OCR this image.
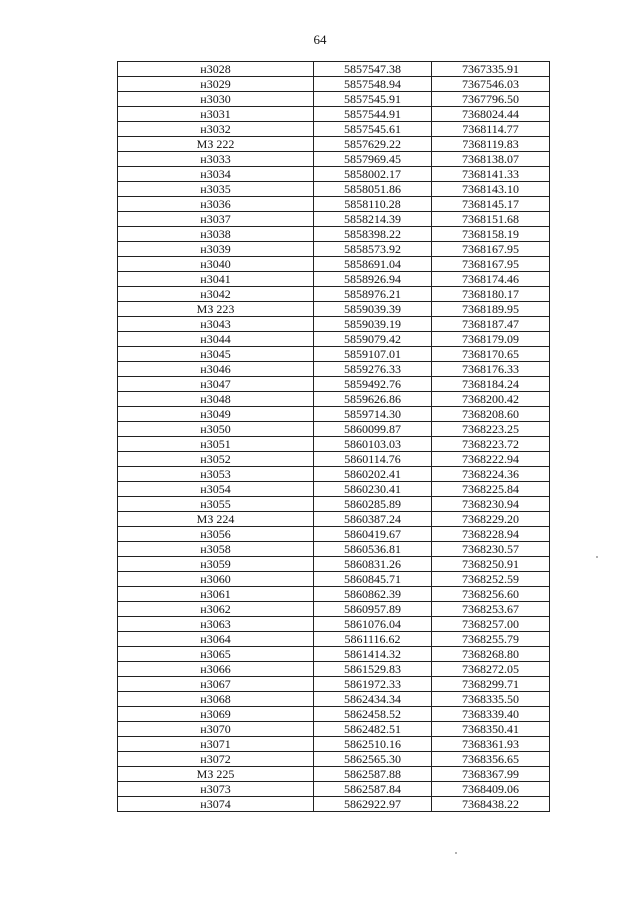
64
н3028	5857547.38	7367335.91
н3029	5857548.94	7367546.03
н3030	5857545.91	7367796.50
н3031	5857544.91	7368024.44
н3032	5857545.61	7368114.77
МЗ 222	5857629.22	7368119.83
н3033	5857969.45	7368138.07
н3034	5858002.17	7368141.33
н3035	5858051.86	7368143.10
н3036	5858110.28	7368145.17
н3037	5858214.39	7368151.68
н3038	5858398.22	7368158.19
н3039	5858573.92	7368167.95
н3040	5858691.04	7368167.95
н3041	5858926.94	7368174.46
н3042	5858976.21	7368180.17
МЗ 223	5859039.39	7368189.95
н3043	5859039.19	7368187.47
н3044	5859079.42	7368179.09
н3045	5859107.01	7368170.65
н3046	5859276.33	7368176.33
н3047	5859492.76	7368184.24
н3048	5859626.86	7368200.42
н3049	5859714.30	7368208.60
н3050	5860099.87	7368223.25
н3051	5860103.03	7368223.72
н3052	5860114.76	7368222.94
н3053	5860202.41	7368224.36
н3054	5860230.41	7368225.84
н3055	5860285.89	7368230.94
МЗ 224	5860387.24	7368229.20
н3056	5860419.67	7368228.94
н3058	5860536.81	7368230.57
н3059	5860831.26	7368250.91
н3060	5860845.71	7368252.59
н3061	5860862.39	7368256.60
н3062	5860957.89	7368253.67
н3063	5861076.04	7368257.00
н3064	5861116.62	7368255.79
н3065	5861414.32	7368268.80
н3066	5861529.83	7368272.05
н3067	5861972.33	7368299.71
н3068	5862434.34	7368335.50
н3069	5862458.52	7368339.40
н3070	5862482.51	7368350.41
н3071	5862510.16	7368361.93
н3072	5862565.30	7368356.65
МЗ 225	5862587.88	7368367.99
н3073	5862587.84	7368409.06
н3074	5862922.97	7368438.22
